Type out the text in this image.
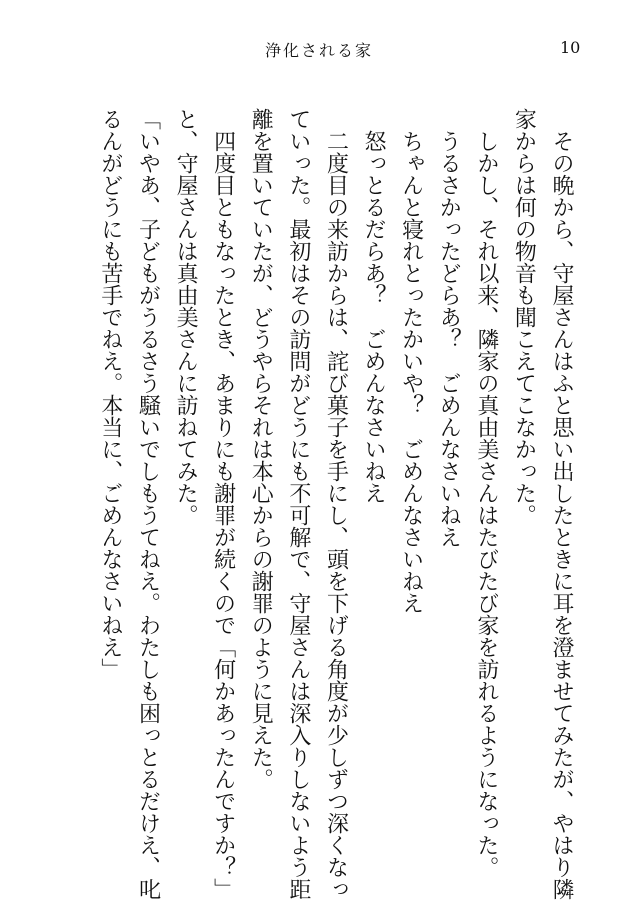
浄化される家	10
　その晩から、守屋さんはふと思い出したときに耳を澄ませてみたが、やはり隣
家からは何の物音も聞こえてこなかった。
　しかし、それ以来、隣家の真由美さんはたびたび家を訪れるようになった。
　うるさかったどらあ？　ごめんなさいねえ
　ちゃんと寝れとったかいや？　ごめんなさいねえ
　怒っとるだらあ？　ごめんなさいねえ
　二度目の来訪からは、詫び菓子を手にし、頭を下げる角度が少しずつ深くなっ
ていった。最初はその訪問がどうにも不可解で、守屋さんは深入りしないよう距
離を置いていたが、どうやらそれは本心からの謝罪のように見えた。
　四度目ともなったとき、あまりにも謝罪が続くので「何かあったんですか？」
と、守屋さんは真由美さんに訪ねてみた。
「いやあ、子どもがうるさう騒いでしもうてねえ。わたしも困っとるだけえ、叱
るんがどうにも苦手でねえ。本当に、ごめんなさいねえ」
